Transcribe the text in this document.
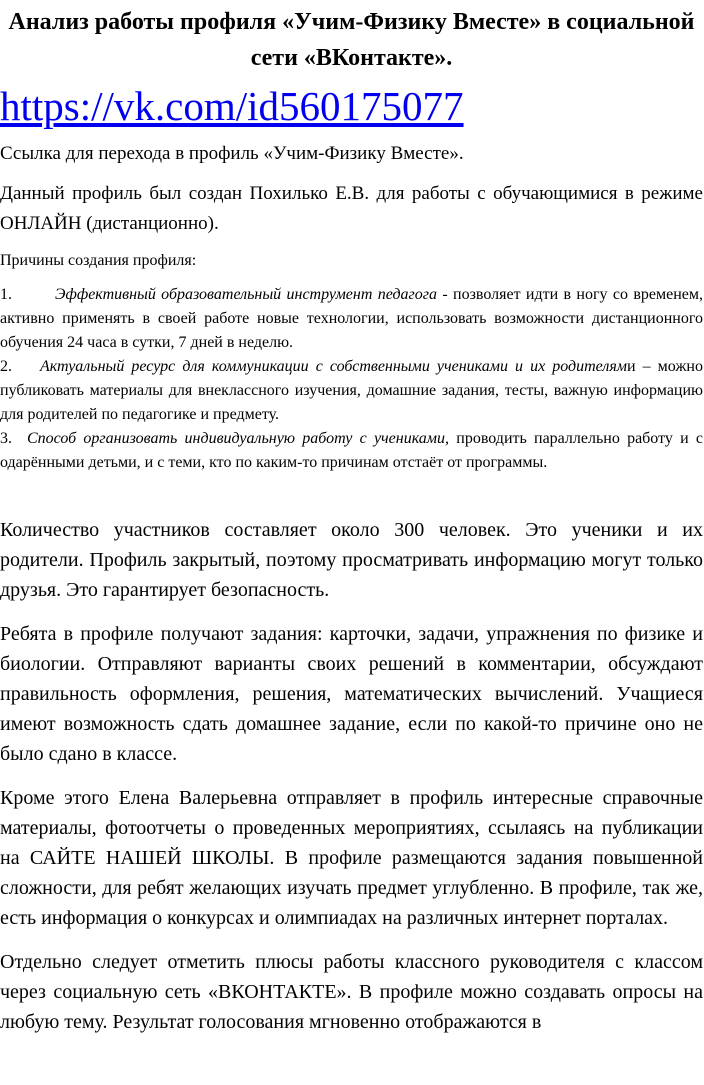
Анализ работы профиля «Учим-Физику Вместе» в социальной сети «ВКонтакте».
https://vk.com/id560175077

Ссылка для перехода в профиль «Учим-Физику Вместе».

Данный профиль был создан Похилько Е.В. для работы с обучающимися в режиме ОНЛАЙН (дистанционно).

Причины создания профиля:

1.	Эффективный образовательный инструмент педагога - позволяет идти в ногу со временем, активно применять в своей работе новые технологии, использовать возможности дистанционного обучения 24 часа в сутки, 7 дней в неделю.

2. Актуальный ресурс для коммуникации с собственными учениками и их родителями – можно публиковать материалы для внеклассного изучения, домашние задания, тесты, важную информацию для родителей по педагогике и предмету.

3. Способ организовать индивидуальную работу с учениками, проводить параллельно работу и с одарёнными детьми, и с теми, кто по каким-то причинам отстаёт от программы.

Количество участников составляет около 300 человек. Это ученики и их родители. Профиль закрытый, поэтому просматривать информацию могут только друзья. Это гарантирует безопасность.

Ребята в профиле получают задания: карточки, задачи, упражнения по физике и биологии. Отправляют варианты своих решений в комментарии, обсуждают правильность оформления, решения, математических вычислений. Учащиеся имеют возможность сдать домашнее задание, если по какой-то причине оно не было сдано в классе.

Кроме этого Елена Валерьевна отправляет в профиль интересные справочные материалы, фотоотчеты о проведенных мероприятиях, ссылаясь на публикации на САЙТЕ НАШЕЙ ШКОЛЫ. В профиле размещаются задания повышенной сложности, для ребят желающих изучать предмет углубленно. В профиле, так же, есть информация о конкурсах и олимпиадах на различных интернет порталах.

Отдельно следует отметить плюсы работы классного руководителя с классом через социальную сеть «ВКОНТАКТЕ». В профиле можно создавать опросы на любую тему. Результат голосования мгновенно отображаются в
